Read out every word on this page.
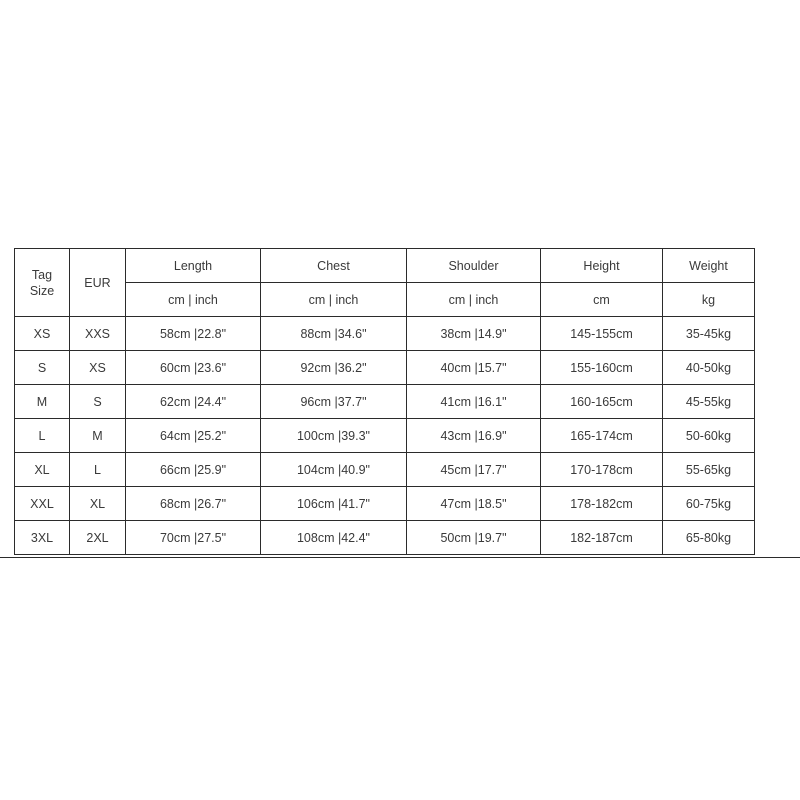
Tag
Size	EUR	Length	Chest	Shoulder	Height	Weight
		cm | inch	cm | inch	cm | inch	cm	kg
XS	XXS	58cm |22.8"	88cm |34.6"	38cm |14.9"	145-155cm	35-45kg
S	XS	60cm |23.6"	92cm |36.2"	40cm |15.7"	155-160cm	40-50kg
M	S	62cm |24.4"	96cm |37.7"	41cm |16.1"	160-165cm	45-55kg
L	M	64cm |25.2"	100cm |39.3"	43cm |16.9"	165-174cm	50-60kg
XL	L	66cm |25.9"	104cm |40.9"	45cm |17.7"	170-178cm	55-65kg
XXL	XL	68cm |26.7"	106cm |41.7"	47cm |18.5"	178-182cm	60-75kg
3XL	2XL	70cm |27.5"	108cm |42.4"	50cm |19.7"	182-187cm	65-80kg
